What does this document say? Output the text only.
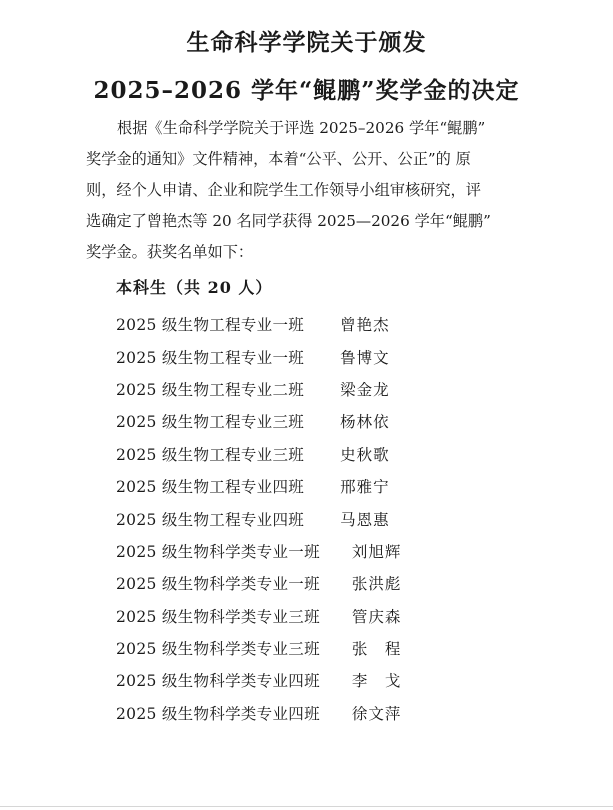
生命科学学院关于颁发
2025–2026 学年“鲲鹏”奖学金的决定
根据《生命科学学院关于评选 2025–2026 学年“鲲鹏”
奖学金的通知》文件精神，本着“公平、公开、公正”的 原
则，经个人申请、企业和院学生工作领导小组审核研究，评
选确定了曾艳杰等 20 名同学获得 2025—2026 学年“鲲鹏”
奖学金。获奖名单如下：
本科生（共 20 人）
2025 级生物工程专业一班 曾艳杰
2025 级生物工程专业一班 鲁博文
2025 级生物工程专业二班 梁金龙
2025 级生物工程专业三班 杨林依
2025 级生物工程专业三班 史秋歌
2025 级生物工程专业四班 邢雅宁
2025 级生物工程专业四班 马恩惠
2025 级生物科学类专业一班 刘旭辉
2025 级生物科学类专业一班 张洪彪
2025 级生物科学类专业三班 管庆森
2025 级生物科学类专业三班 张　程
2025 级生物科学类专业四班 李　戈
2025 级生物科学类专业四班 徐文萍
